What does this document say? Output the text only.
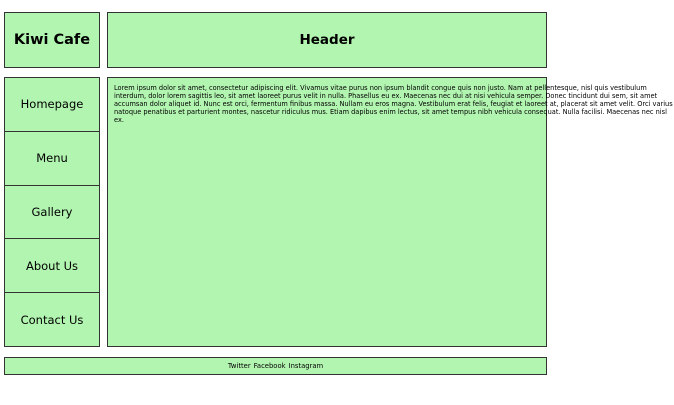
Kiwi Cafe	Header
Homepage
Menu
Gallery
About Us
Contact Us

Lorem ipsum dolor sit amet, consectetur adipiscing elit. Vivamus vitae purus non ipsum blandit congue quis non justo. Nam at pellentesque, nisl quis vestibulum interdum, dolor lorem sagittis leo, sit amet laoreet purus velit in nulla. Phasellus eu ex. Maecenas nec dui at nisi vehicula semper. Donec tincidunt dui sem, sit amet accumsan dolor aliquet id. Nunc est orci, fermentum finibus massa. Nullam eu eros magna. Vestibulum erat felis, feugiat et laoreet at, placerat sit amet velit. Orci varius natoque penatibus et parturient montes, nascetur ridiculus mus. Etiam dapibus enim lectus, sit amet tempus nibh vehicula consequat. Nulla facilisi. Maecenas nec nisl ex.

Twitter Facebook Instagram
